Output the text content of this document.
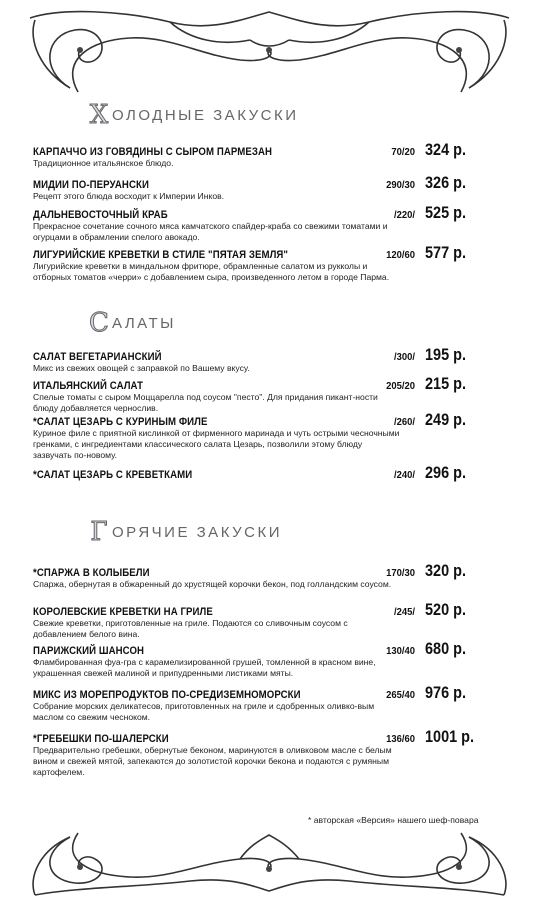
Х ОЛОДНЫЕ ЗАКУСКИ
КАРПАЧЧО ИЗ ГОВЯДИНЫ С СЫРОМ ПАРМЕЗАН	70/20 324 р.
Традиционное итальянское блюдо.
МИДИИ ПО-ПЕРУАНСКИ	290/30 326 р.
Рецепт этого блюда восходит к Империи Инков.
ДАЛЬНЕВОСТОЧНЫЙ КРАБ	/220/ 525 р.
Прекрасное сочетание сочного мяса камчатского спайдер-краба со свежими томатами и огурцами в обрамлении спелого авокадо.
ЛИГУРИЙСКИЕ КРЕВЕТКИ В СТИЛЕ "ПЯТАЯ ЗЕМЛЯ"	120/60 577 р.
Лигурийские креветки в миндальном фритюре, обрамленные салатом из рукколы и отборных томатов «черри» с добавлением сыра, произведенного летом в городе Парма.
С АЛАТЫ
САЛАТ ВЕГЕТАРИАНСКИЙ	/300/ 195 р.
Микс из свежих овощей с заправкой по Вашему вкусу.
ИТАЛЬЯНСКИЙ САЛАТ	205/20 215 р.
Спелые томаты с сыром Моццарелла под соусом "песто". Для придания пикант-ности блюду добавляется чернослив.
*САЛАТ ЦЕЗАРЬ С КУРИНЫМ ФИЛЕ	/260/ 249 р.
Куриное филе с приятной кислинкой от фирменного маринада и чуть острыми чесночными гренками, с ингредиентами классического салата Цезарь, позволили этому блюду зазвучать по-новому.
*САЛАТ ЦЕЗАРЬ С КРЕВЕТКАМИ	/240/ 296 р.
Г ОРЯЧИЕ ЗАКУСКИ
*СПАРЖА В КОЛЫБЕЛИ	170/30 320 р.
Спаржа, обернутая в обжаренный до хрустящей корочки бекон, под голландским соусом.
КОРОЛЕВСКИЕ КРЕВЕТКИ НА ГРИЛЕ	/245/ 520 р.
Свежие креветки, приготовленные на гриле. Подаются со сливочным соусом с добавлением белого вина.
ПАРИЖСКИЙ ШАНСОН	130/40 680 р.
Фламбированная фуа-гра с карамелизированной грушей, томленной в красном вине, украшенная свежей малиной и припудренными листиками мяты.
МИКС ИЗ МОРЕПРОДУКТОВ ПО-СРЕДИЗЕМНОМОРСКИ	265/40 976 р.
Собрание морских деликатесов, приготовленных на гриле и сдобренных оливко-вым маслом со свежим чесноком.
*ГРЕБЕШКИ ПО-ШАЛЕРСКИ	136/60 1001 р.
Предварительно гребешки, обернутые беконом, маринуются в оливковом масле с белым вином и свежей мятой, запекаются до золотистой корочки бекона и подаются с румяным картофелем.
* авторская «Версия» нашего шеф-повара
